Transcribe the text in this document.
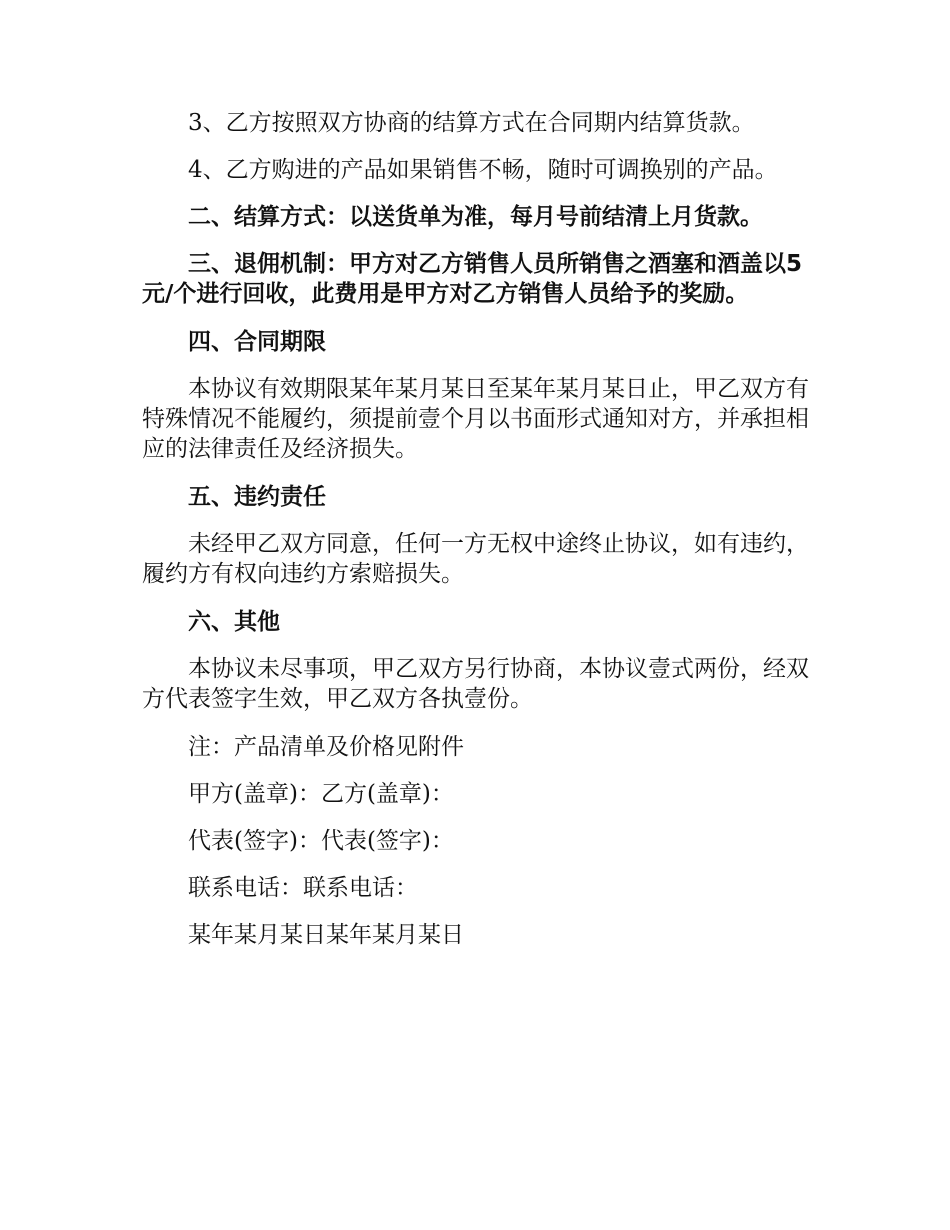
3、乙方按照双方协商的结算方式在合同期内结算货款。

4、乙方购进的产品如果销售不畅，随时可调换别的产品。

二、结算方式：以送货单为准，每月号前结清上月货款。

三、退佣机制：甲方对乙方销售人员所销售之酒塞和酒盖以5元/个进行回收，此费用是甲方对乙方销售人员给予的奖励。

四、合同期限

本协议有效期限某年某月某日至某年某月某日止，甲乙双方有特殊情况不能履约，须提前壹个月以书面形式通知对方，并承担相应的法律责任及经济损失。

五、违约责任

未经甲乙双方同意，任何一方无权中途终止协议，如有违约，履约方有权向违约方索赔损失。

六、其他

本协议未尽事项，甲乙双方另行协商，本协议壹式两份，经双方代表签字生效，甲乙双方各执壹份。

注：产品清单及价格见附件

甲方(盖章)：乙方(盖章)：

代表(签字)：代表(签字)：

联系电话：联系电话：

某年某月某日某年某月某日
